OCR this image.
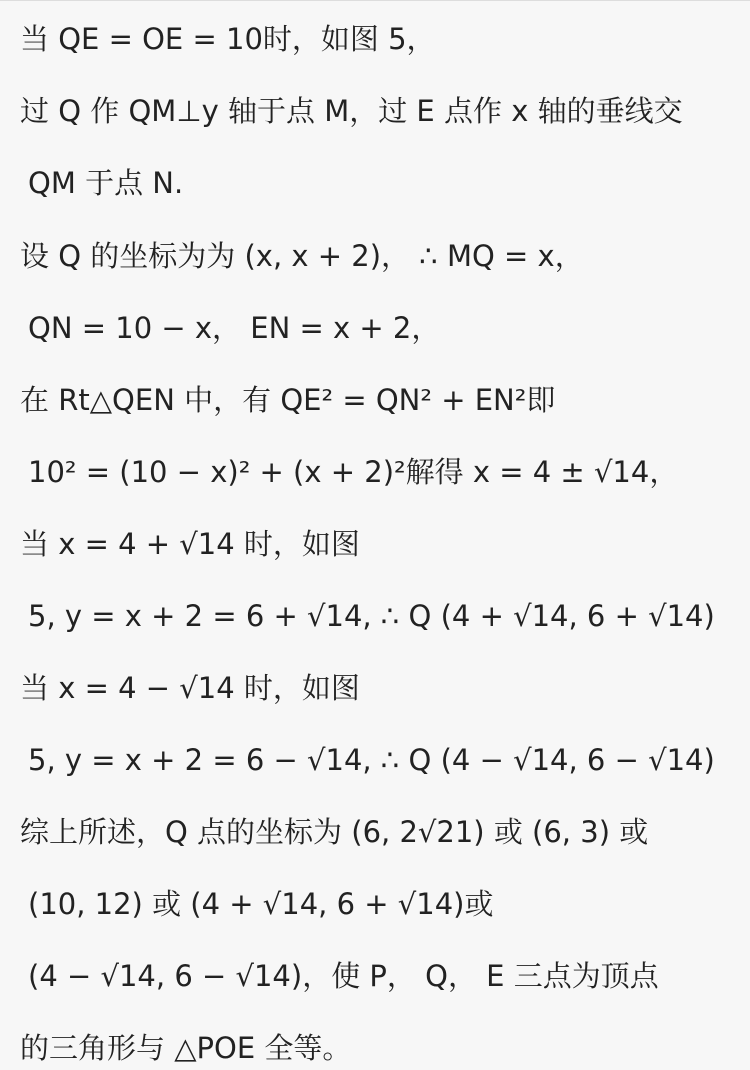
当 QE = OE = 10时，如图 5，
过 Q 作 QM⊥y 轴于点 M，过 E 点作 x 轴的垂线交
QM 于点 N.
设 Q 的坐标为为 (x, x + 2)， ∴ MQ = x，
QN = 10 − x， EN = x + 2，
在 Rt△QEN 中，有 QE² = QN² + EN²即
10² = (10 − x)² + (x + 2)²解得 x = 4 ± √14，
当 x = 4 + √14 时，如图
5, y = x + 2 = 6 + √14, ∴ Q (4 + √14, 6 + √14)
当 x = 4 − √14 时，如图
5, y = x + 2 = 6 − √14, ∴ Q (4 − √14, 6 − √14)
综上所述，Q 点的坐标为 (6, 2√21) 或 (6, 3) 或
(10, 12) 或 (4 + √14, 6 + √14)或
(4 − √14, 6 − √14)，使 P， Q， E 三点为顶点
的三角形与 △POE 全等。
